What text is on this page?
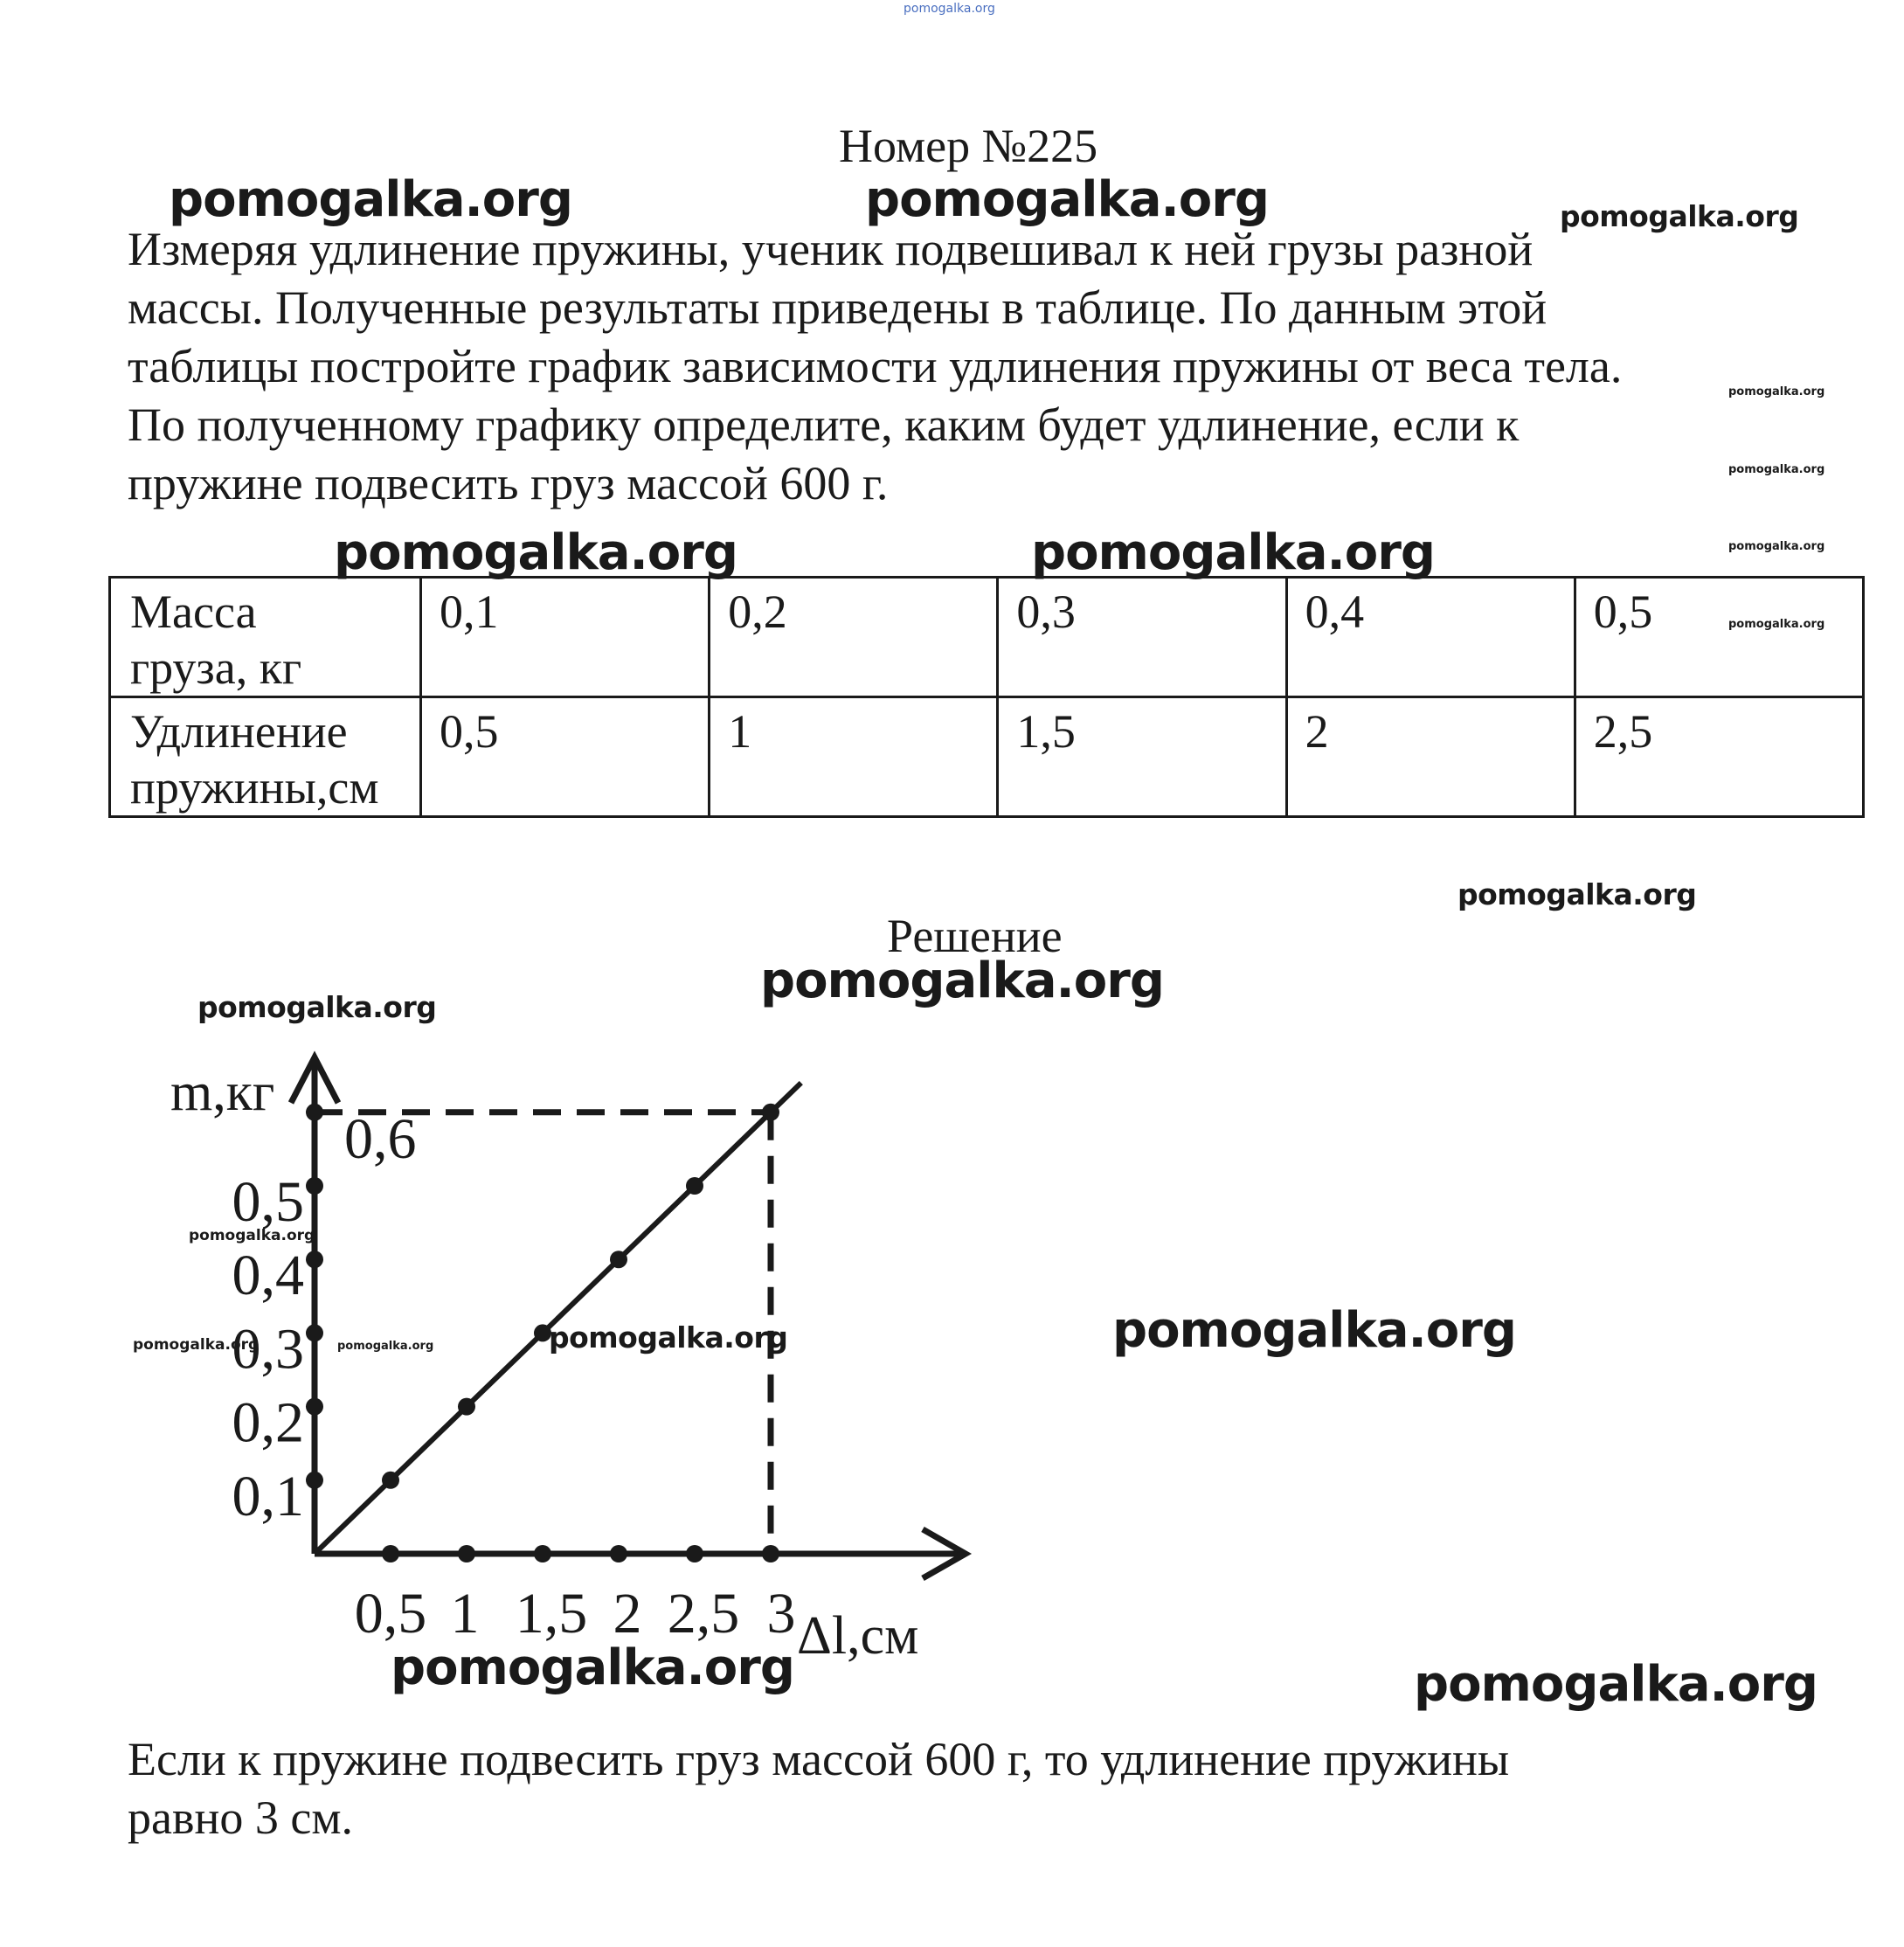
Номер №225

Измеряя удлинение пружины, ученик подвешивал к ней грузы разной

массы. Полученные результаты приведены в таблице. По данным этой

таблицы постройте график зависимости удлинения пружины от веса тела.

По полученному графику определите, каким будет удлинение, если к

пружине подвесить груз массой 600 г.

Масса
груза, кг	0,1	0,2	0,3	0,4	0,5
Удлинение
пружины,см	0,5	1	1,5	2	2,5
Решение
0,5 1 1,5 2 2,5 3
0,1
0,2
0,3
0,4
0,5
0,6
m,кг
Δl,см

Если к пружине подвесить груз массой 600 г, то удлинение пружины

равно 3 см.

pomogalka.org
pomogalka.org	pomogalka.org	pomogalka.org
pomogalka.org
pomogalka.org
pomogalka.org	pomogalka.org	pomogalka.org
pomogalka.org
pomogalka.org
pomogalka.org
pomogalka.org
pomogalka.org
pomogalka.org	pomogalka.org	pomogalka.org	pomogalka.org
pomogalka.org	pomogalka.org
